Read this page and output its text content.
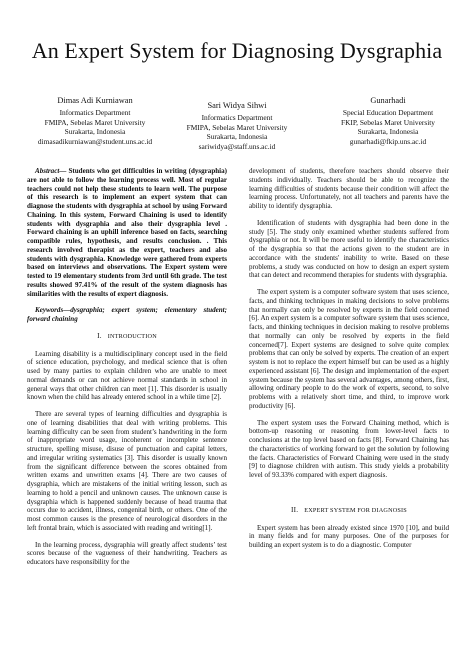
An Expert System for Diagnosing Dysgraphia
Dimas Adi Kurniawan
Informatics Department
FMIPA, Sebelas Maret University
Surakarta, Indonesia
dimasadikurniawan@student.uns.ac.id
Sari Widya Sihwi
Informatics Department
FMIPA, Sebelas Maret University
Surakarta, Indonesia
sariwidya@staff.uns.ac.id
Gunarhadi
Special Education Department
FKIP, Sebelas Maret University
Surakarta, Indonesia
gunarhadi@fkip.uns.ac.id

Abstract— Students who get difficulties in writing (dysgraphia) are not able to follow the learning process well. Most of regular teachers could not help these students to learn well. The purpose of this research is to implement an expert system that can diagnose the students with dysgraphia at school by using Forward Chaining. In this system, Forward Chaining is used to identify students with dysgraphia and also their dysgraphia level . Forward chaining is an uphill inference based on facts, searching compatible rules, hypothesis, and results conclusion. . This research involved therapist as the expert, teachers and also students with dysgraphia. Knowledge were gathered from experts based on interviews and observations. The Expert system were tested to 19 elementary students from 3rd until 6th grade. The test results showed 97.41% of the result of the system diagnosis has similarities with the results of expert diagnosis.

Keywords—dysgraphia; expert system; elementary student; forward chaining

I. INTRODUCTION

Learning disability is a multidisciplinary concept used in the field of science education, psychology, and medical science that is often used by many parties to explain children who are unable to meet normal demands or can not achieve normal standards in school in general ways that other children can meet [1]. This disorder is usually known when the child has already entered school in a while time [2].

There are several types of learning difficulties and dysgraphia is one of learning disabilities that deal with writing problems. This learning difficulty can be seen from student’s handwriting in the form of inappropriate word usage, incoherent or incomplete sentence structure, spelling misuse, disuse of punctuation and capital letters, and irregular writing systematics [3]. This disorder is usually known from the significant difference between the scores obtained from written exams and unwritten exams [4]. There are two causes of dysgraphia, which are mistakens of the initial writing lesson, such as learning to hold a pencil and unknown causes. The unknown cause is dysgraphia which is happened suddenly because of head trauma that occurs due to accident, illness, congenital birth, or others. One of the most common causes is the presence of neurological disorders in the left frontal brain, which is associated with reading and writing[1].

In the learning process, dysgraphia will greatly affect students’ test scores because of the vagueness of their handwriting. Teachers as educators have responsibility for the

development of students, therefore teachers should observe their students individually. Teachers should be able to recognize the learning difficulties of students because their condition will affect the learning process. Unfortunately, not all teachers and parents have the ability to identify dysgraphia.

Identification of students with dysgraphia had been done in the study [5]. The study only examined whether students suffered from dysgraphia or not. It will be more useful to identify the characteristics of the dysgraphia so that the actions given to the student are in accordance with the students' inability to write. Based on these problems, a study was conducted on how to design an expert system that can detect and recommend therapies for students with dysgraphia.

The expert system is a computer software system that uses science, facts, and thinking techniques in making decisions to solve problems that normally can only be resolved by experts in the field concerned [6]. An expert system is a computer software system that uses science, facts, and thinking techniques in decision making to resolve problems that normally can only be resolved by experts in the field concerned[7]. Expert systems are designed to solve quite complex problems that can only be solved by experts. The creation of an expert system is not to replace the expert himself but can be used as a highly experienced assistant [6]. The design and implementation of the expert system because the system has several advantages, among others, first, allowing ordinary people to do the work of experts, second, to solve problems with a relatively short time, and third, to improve work productivity [6].

The expert system uses the Forward Chaining method, which is bottom-up reasoning or reasoning from lower-level facts to conclusions at the top level based on facts [8]. Forward Chaining has the characteristics of working forward to get the solution by following the facts. Characteristics of Forward Chaining were used in the study [9] to diagnose children with autism. This study yields a probability level of 93.33% compared with expert diagnosis.

II. EXPERT SYSTEM FOR DIAGNOSIS

Expert system has been already existed since 1970 [10], and build in many fields and for many purposes. One of the purposes for building an expert system is to do a diagnostic. Computer
